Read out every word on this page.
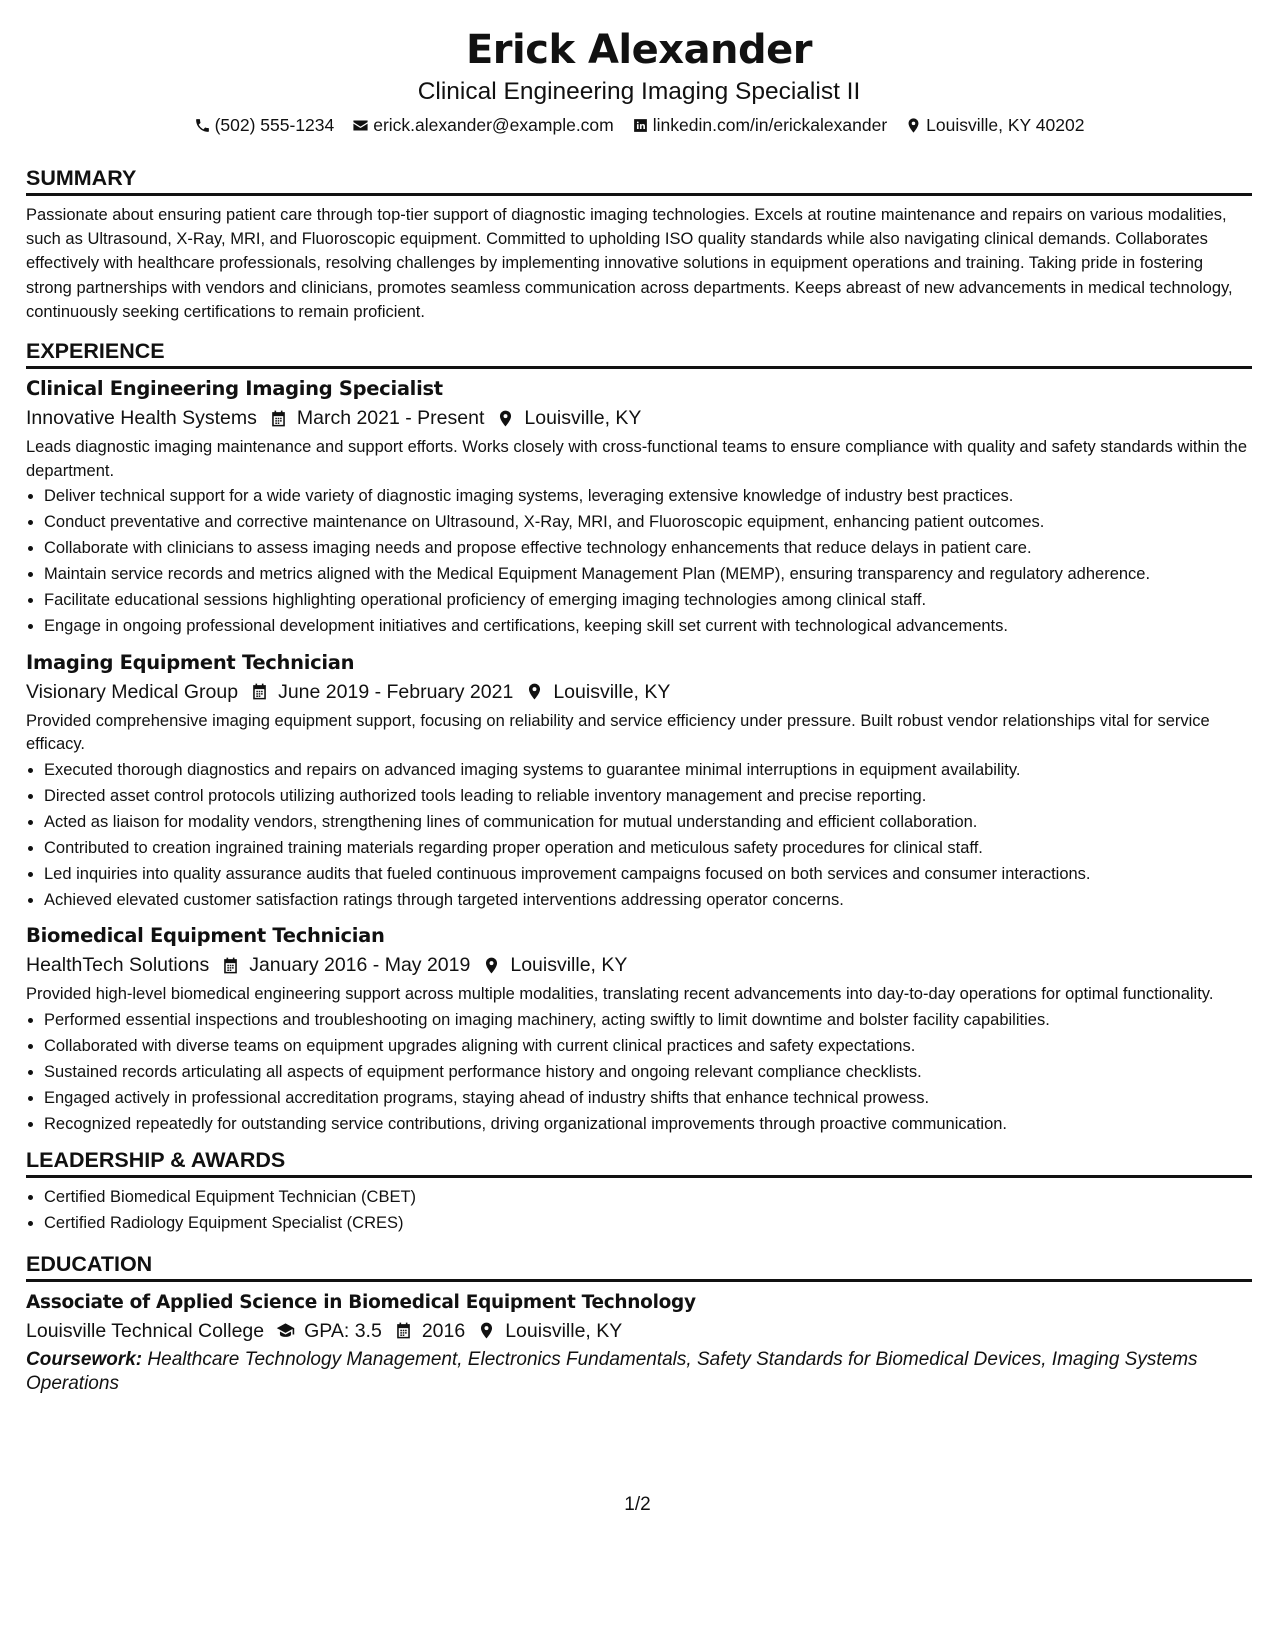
Erick Alexander
Clinical Engineering Imaging Specialist II
(502) 555-1234 erick.alexander@example.com linkedin.com/in/erickalexander Louisville, KY 40202
SUMMARY
Passionate about ensuring patient care through top-tier support of diagnostic imaging technologies. Excels at routine maintenance and repairs on various modalities, such as Ultrasound, X-Ray, MRI, and Fluoroscopic equipment. Committed to upholding ISO quality standards while also navigating clinical demands. Collaborates effectively with healthcare professionals, resolving challenges by implementing innovative solutions in equipment operations and training. Taking pride in fostering strong partnerships with vendors and clinicians, promotes seamless communication across departments. Keeps abreast of new advancements in medical technology, continuously seeking certifications to remain proficient.
EXPERIENCE
Clinical Engineering Imaging Specialist
Innovative Health Systems March 2021 - Present Louisville, KY
Leads diagnostic imaging maintenance and support efforts. Works closely with cross-functional teams to ensure compliance with quality and safety standards within the department.
• Deliver technical support for a wide variety of diagnostic imaging systems, leveraging extensive knowledge of industry best practices.
• Conduct preventative and corrective maintenance on Ultrasound, X-Ray, MRI, and Fluoroscopic equipment, enhancing patient outcomes.
• Collaborate with clinicians to assess imaging needs and propose effective technology enhancements that reduce delays in patient care.
• Maintain service records and metrics aligned with the Medical Equipment Management Plan (MEMP), ensuring transparency and regulatory adherence.
• Facilitate educational sessions highlighting operational proficiency of emerging imaging technologies among clinical staff.
• Engage in ongoing professional development initiatives and certifications, keeping skill set current with technological advancements.
Imaging Equipment Technician
Visionary Medical Group June 2019 - February 2021 Louisville, KY
Provided comprehensive imaging equipment support, focusing on reliability and service efficiency under pressure. Built robust vendor relationships vital for service efficacy.
• Executed thorough diagnostics and repairs on advanced imaging systems to guarantee minimal interruptions in equipment availability.
• Directed asset control protocols utilizing authorized tools leading to reliable inventory management and precise reporting.
• Acted as liaison for modality vendors, strengthening lines of communication for mutual understanding and efficient collaboration.
• Contributed to creation ingrained training materials regarding proper operation and meticulous safety procedures for clinical staff.
• Led inquiries into quality assurance audits that fueled continuous improvement campaigns focused on both services and consumer interactions.
• Achieved elevated customer satisfaction ratings through targeted interventions addressing operator concerns.
Biomedical Equipment Technician
HealthTech Solutions January 2016 - May 2019 Louisville, KY
Provided high-level biomedical engineering support across multiple modalities, translating recent advancements into day-to-day operations for optimal functionality.
• Performed essential inspections and troubleshooting on imaging machinery, acting swiftly to limit downtime and bolster facility capabilities.
• Collaborated with diverse teams on equipment upgrades aligning with current clinical practices and safety expectations.
• Sustained records articulating all aspects of equipment performance history and ongoing relevant compliance checklists.
• Engaged actively in professional accreditation programs, staying ahead of industry shifts that enhance technical prowess.
• Recognized repeatedly for outstanding service contributions, driving organizational improvements through proactive communication.
LEADERSHIP & AWARDS
• Certified Biomedical Equipment Technician (CBET)
• Certified Radiology Equipment Specialist (CRES)
EDUCATION
Associate of Applied Science in Biomedical Equipment Technology
Louisville Technical College GPA: 3.5 2016 Louisville, KY
Coursework: Healthcare Technology Management, Electronics Fundamentals, Safety Standards for Biomedical Devices, Imaging Systems Operations
1/2
